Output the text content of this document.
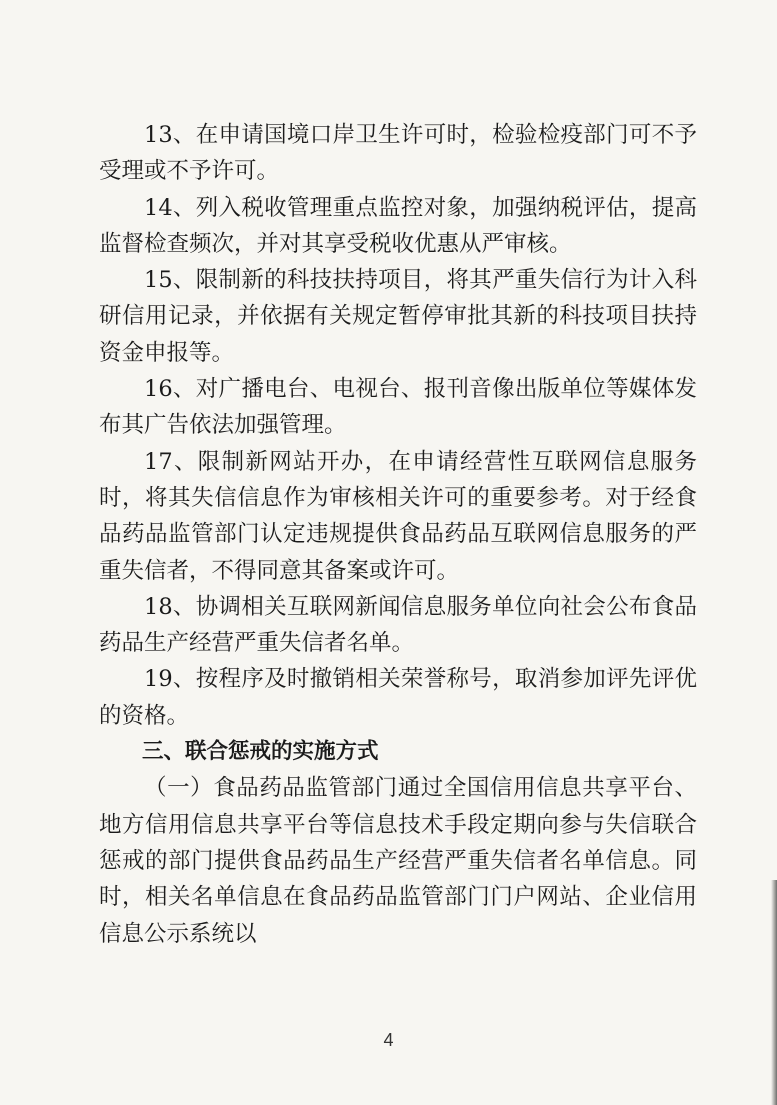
13、在申请国境口岸卫生许可时，检验检疫部门可不予受理或不予许可。

14、列入税收管理重点监控对象，加强纳税评估，提高监督检查频次，并对其享受税收优惠从严审核。

15、限制新的科技扶持项目，将其严重失信行为计入科研信用记录，并依据有关规定暂停审批其新的科技项目扶持资金申报等。

16、对广播电台、电视台、报刊音像出版单位等媒体发布其广告依法加强管理。

17、限制新网站开办，在申请经营性互联网信息服务时，将其失信信息作为审核相关许可的重要参考。对于经食品药品监管部门认定违规提供食品药品互联网信息服务的严重失信者，不得同意其备案或许可。

18、协调相关互联网新闻信息服务单位向社会公布食品药品生产经营严重失信者名单。

19、按程序及时撤销相关荣誉称号，取消参加评先评优的资格。

三、联合惩戒的实施方式

（一）食品药品监管部门通过全国信用信息共享平台、地方信用信息共享平台等信息技术手段定期向参与失信联合惩戒的部门提供食品药品生产经营严重失信者名单信息。同时，相关名单信息在食品药品监管部门门户网站、企业信用信息公示系统以

4
